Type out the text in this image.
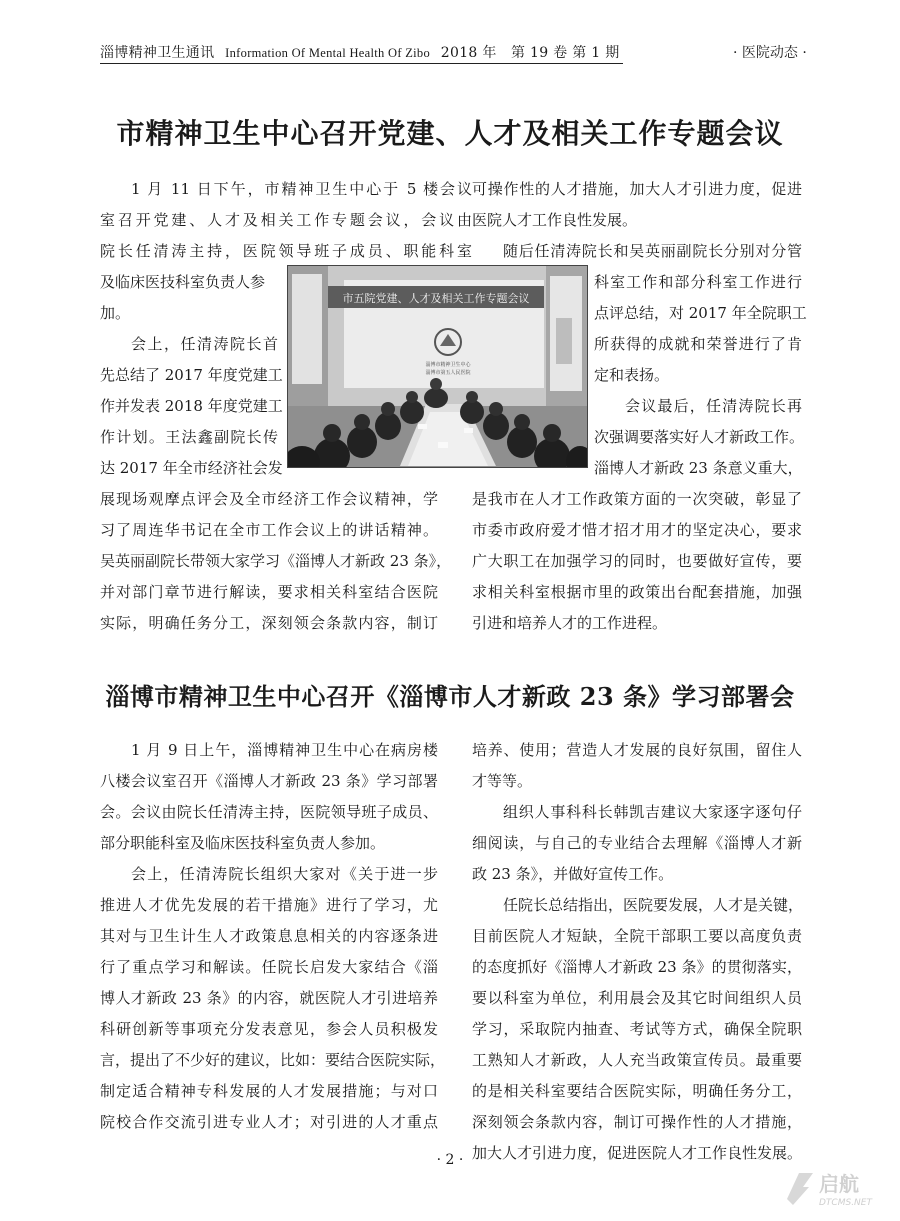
淄博精神卫生通讯 Information Of Mental Health Of Zibo 2018 年　第 19 卷 第 1 期	· 医院动态 ·
市精神卫生中心召开党建、人才及相关工作专题会议
1 月 11 日下午，市精神卫生中心于 5 楼会议
室召开党建、人才及相关工作专题会议，会议由
院长任清涛主持，医院领导班子成员、职能科室
及临床医技科室负责人参
加。
会上，任清涛院长首
先总结了 2017 年度党建工
作并发表 2018 年度党建工
作计划。王法鑫副院长传
达 2017 年全市经济社会发
展现场观摩点评会及全市经济工作会议精神，学
习了周连华书记在全市工作会议上的讲话精神。
吴英丽副院长带领大家学习《淄博人才新政 23 条》，
并对部门章节进行解读，要求相关科室结合医院
实际，明确任务分工，深刻领会条款内容，制订
可操作性的人才措施，加大人才引进力度，促进
医院人才工作良性发展。
随后任清涛院长和吴英丽副院长分别对分管
科室工作和部分科室工作进行
点评总结，对 2017 年全院职工
所获得的成就和荣誉进行了肯
定和表扬。
会议最后，任清涛院长再
次强调要落实好人才新政工作。
淄博人才新政 23 条意义重大，
是我市在人才工作政策方面的一次突破，彰显了
市委市政府爱才惜才招才用才的坚定决心，要求
广大职工在加强学习的同时，也要做好宣传，要
求相关科室根据市里的政策出台配套措施，加强
引进和培养人才的工作进程。
市五院党建、人才及相关工作专题会议
淄博市精神卫生中心
淄博市第五人民医院
淄博市精神卫生中心召开《淄博市人才新政 23 条》学习部署会
1 月 9 日上午，淄博精神卫生中心在病房楼
八楼会议室召开《淄博人才新政 23 条》学习部署
会。会议由院长任清涛主持，医院领导班子成员、
部分职能科室及临床医技科室负责人参加。
会上，任清涛院长组织大家对《关于进一步
推进人才优先发展的若干措施》进行了学习，尤
其对与卫生计生人才政策息息相关的内容逐条进
行了重点学习和解读。任院长启发大家结合《淄
博人才新政 23 条》的内容，就医院人才引进培养
科研创新等事项充分发表意见，参会人员积极发
言，提出了不少好的建议，比如：要结合医院实际，
制定适合精神专科发展的人才发展措施；与对口
院校合作交流引进专业人才；对引进的人才重点
培养、使用；营造人才发展的良好氛围，留住人
才等等。
组织人事科科长韩凯吉建议大家逐字逐句仔
细阅读，与自己的专业结合去理解《淄博人才新
政 23 条》，并做好宣传工作。
任院长总结指出，医院要发展，人才是关键，
目前医院人才短缺，全院干部职工要以高度负责
的态度抓好《淄博人才新政 23 条》的贯彻落实，
要以科室为单位，利用晨会及其它时间组织人员
学习，采取院内抽查、考试等方式，确保全院职
工熟知人才新政，人人充当政策宣传员。最重要
的是相关科室要结合医院实际，明确任务分工，
深刻领会条款内容，制订可操作性的人才措施，
加大人才引进力度，促进医院人才工作良性发展。
· 2 ·
启航
DTCMS.NET
